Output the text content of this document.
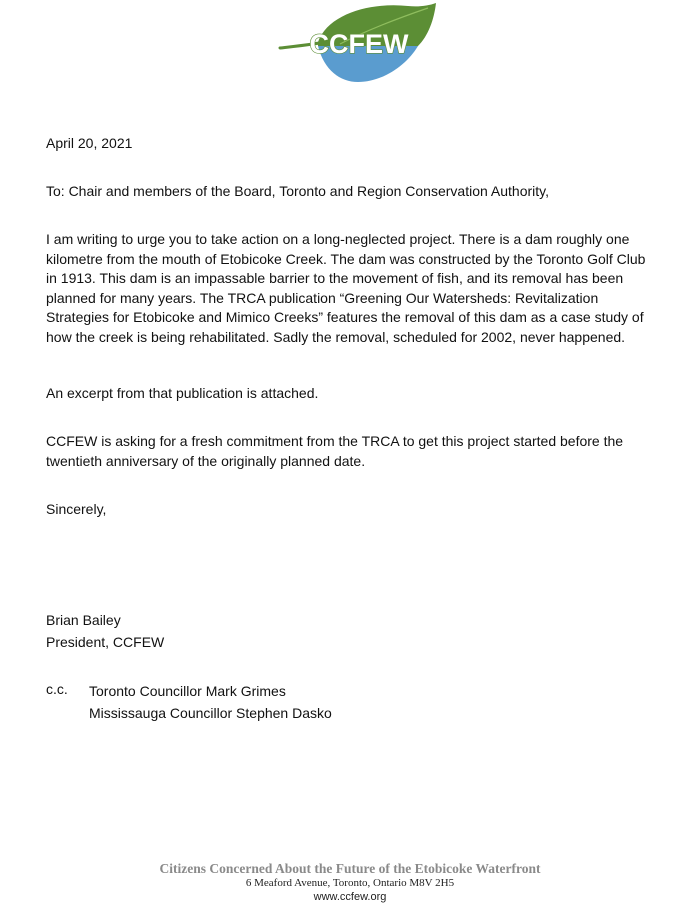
CCFEW
April 20, 2021
To: Chair and members of the Board, Toronto and Region Conservation Authority,
I am writing to urge you to take action on a long-neglected project. There is a dam roughly one kilometre from the mouth of Etobicoke Creek. The dam was constructed by the Toronto Golf Club in 1913. This dam is an impassable barrier to the movement of fish, and its removal has been planned for many years. The TRCA publication “Greening Our Watersheds: Revitalization Strategies for Etobicoke and Mimico Creeks” features the removal of this dam as a case study of how the creek is being rehabilitated. Sadly the removal, scheduled for 2002, never happened.
An excerpt from that publication is attached.
CCFEW is asking for a fresh commitment from the TRCA to get this project started before the twentieth anniversary of the originally planned date.
Sincerely,
Brian Bailey
President, CCFEW
c.c. Toronto Councillor Mark Grimes
Mississauga Councillor Stephen Dasko
Citizens Concerned About the Future of the Etobicoke Waterfront
6 Meaford Avenue, Toronto, Ontario M8V 2H5
www.ccfew.org
